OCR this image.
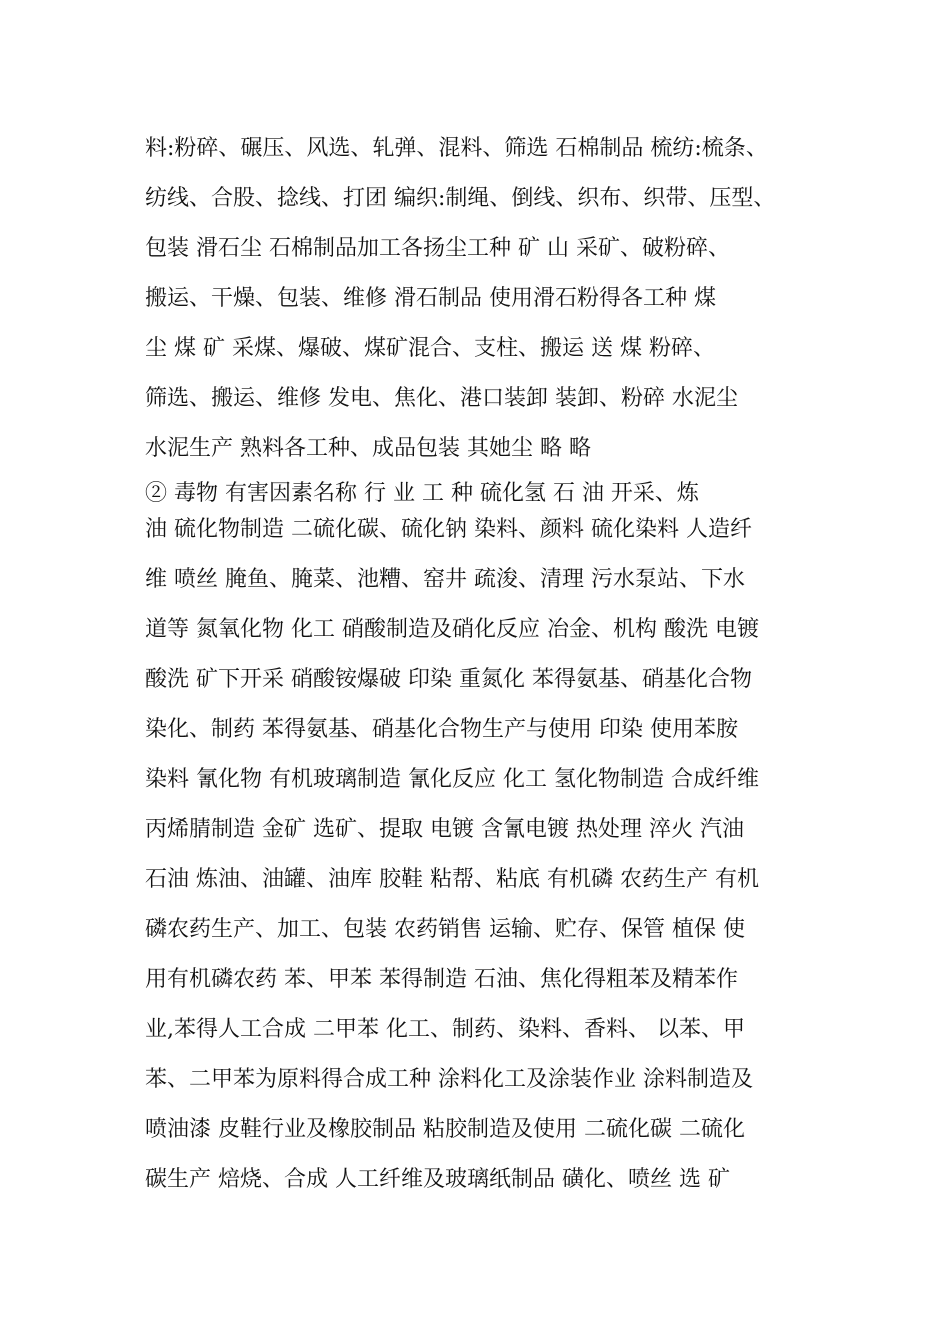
料:粉碎、碾压、风选、轧弹、混料、筛选 石棉制品 梳纺:梳条、
纺线、合股、捻线、打团 编织:制绳、倒线、织布、织带、压型、
包装 滑石尘 石棉制品加工各扬尘工种 矿 山 采矿、破粉碎、
搬运、干燥、包装、维修 滑石制品 使用滑石粉得各工种 煤
尘 煤 矿 采煤、爆破、煤矿混合、支柱、搬运 送 煤 粉碎、
筛选、搬运、维修 发电、焦化、港口装卸 装卸、粉碎 水泥尘
水泥生产 熟料各工种、成品包装 其她尘 略 略
② 毒物 有害因素名称 行 业 工 种 硫化氢 石 油 开采、炼
油 硫化物制造 二硫化碳、硫化钠 染料、颜料 硫化染料 人造纤
维 喷丝 腌鱼、腌菜、池糟、窑井 疏浚、清理 污水泵站、下水
道等 氮氧化物 化工 硝酸制造及硝化反应 冶金、机构 酸洗 电镀
酸洗 矿下开采 硝酸铵爆破 印染 重氮化 苯得氨基、硝基化合物
染化、制药 苯得氨基、硝基化合物生产与使用 印染 使用苯胺
染料 氰化物 有机玻璃制造 氰化反应 化工 氢化物制造 合成纤维
丙烯腈制造 金矿 选矿、提取 电镀 含氰电镀 热处理 淬火 汽油
石油 炼油、油罐、油库 胶鞋 粘帮、粘底 有机磷 农药生产 有机
磷农药生产、加工、包装 农药销售 运输、贮存、保管 植保 使
用有机磷农药 苯、甲苯 苯得制造 石油、焦化得粗苯及精苯作
业,苯得人工合成 二甲苯 化工、制药、染料、香料、 以苯、甲
苯、二甲苯为原料得合成工种 涂料化工及涂装作业 涂料制造及
喷油漆 皮鞋行业及橡胶制品 粘胶制造及使用 二硫化碳 二硫化
碳生产 焙烧、合成 人工纤维及玻璃纸制品 磺化、喷丝 选 矿
